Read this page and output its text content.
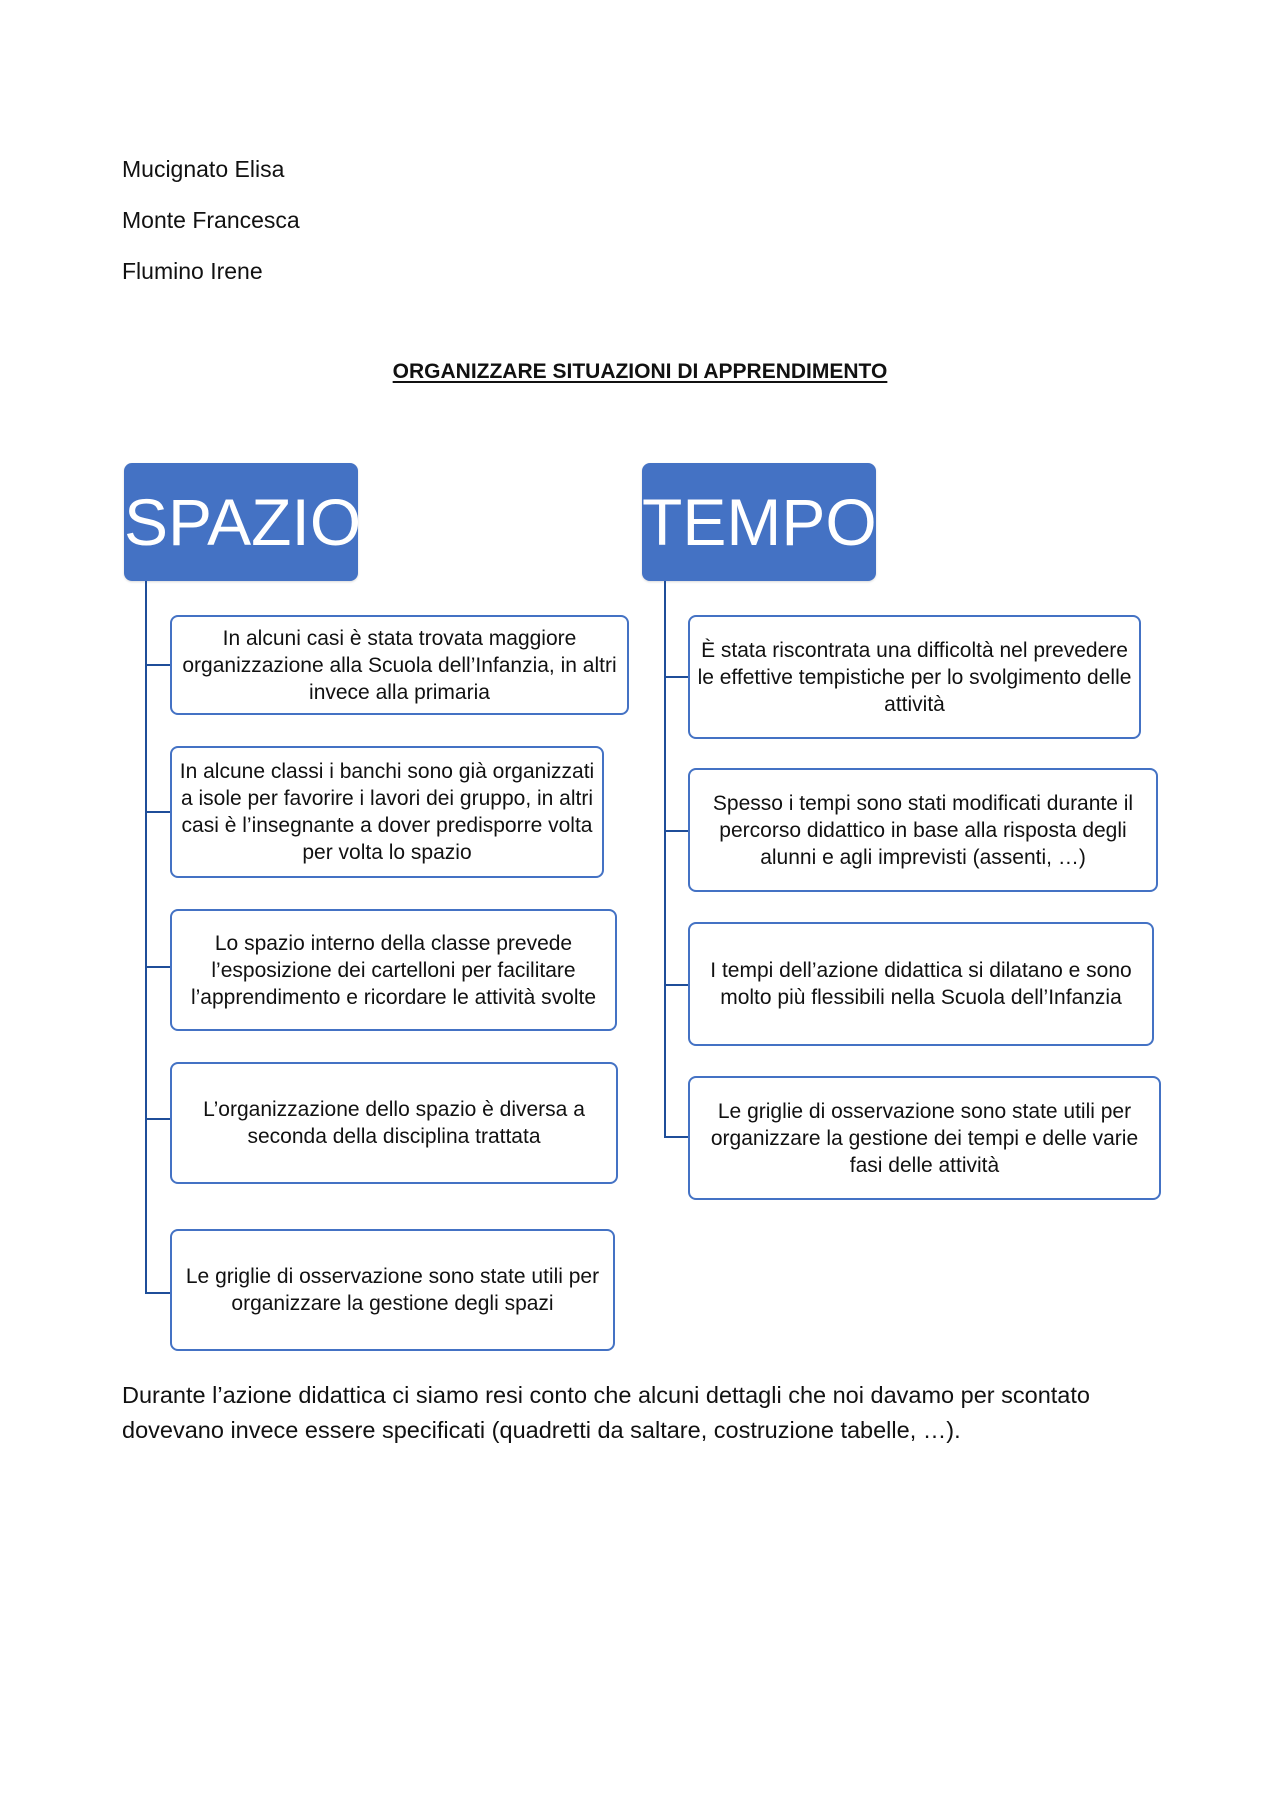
Mucignato Elisa
Monte Francesca
Flumino Irene
ORGANIZZARE SITUAZIONI DI APPRENDIMENTO
SPAZIO
In alcuni casi è stata trovata maggiore organizzazione alla Scuola dell’Infanzia, in altri invece alla primaria
In alcune classi i banchi sono già organizzati a isole per favorire i lavori dei gruppo, in altri casi è l’insegnante a dover predisporre volta per volta lo spazio
Lo spazio interno della classe prevede l’esposizione dei cartelloni per facilitare l’apprendimento e ricordare le attività svolte
L’organizzazione dello spazio è diversa a seconda della disciplina trattata
Le griglie di osservazione sono state utili per organizzare la gestione degli spazi
TEMPO
È stata riscontrata una difficoltà nel prevedere le effettive tempistiche per lo svolgimento delle attività
Spesso i tempi sono stati modificati durante il percorso didattico in base alla risposta degli alunni e agli imprevisti (assenti, …)
I tempi dell’azione didattica si dilatano e sono molto più flessibili nella Scuola dell’Infanzia
Le griglie di osservazione sono state utili per organizzare la gestione dei tempi e delle varie fasi delle attività
Durante l’azione didattica ci siamo resi conto che alcuni dettagli che noi davamo per scontato dovevano invece essere specificati (quadretti da saltare, costruzione tabelle, …).
